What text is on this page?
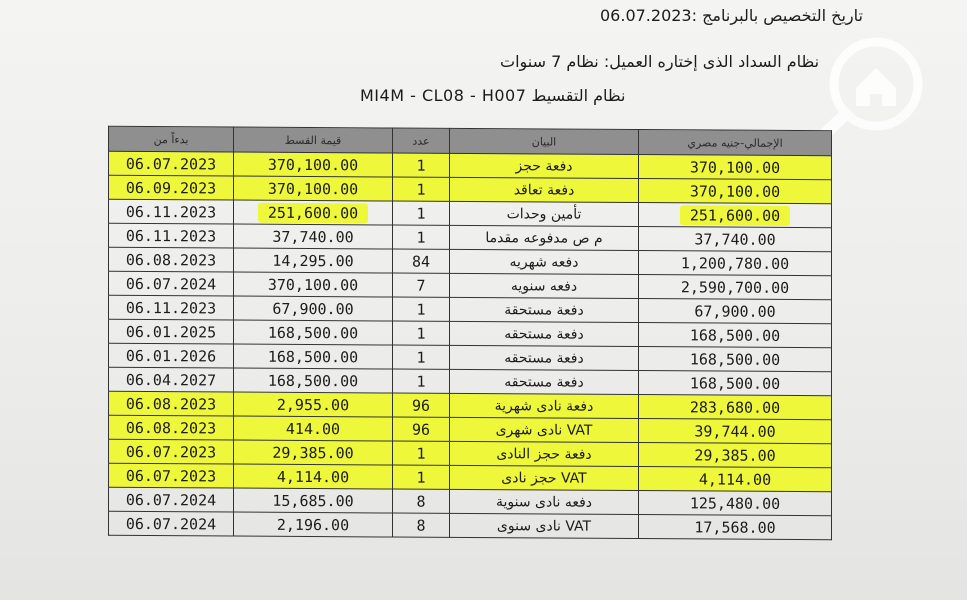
تاريخ التخصيص بالبرنامج :06.07.2023
نظام السداد الذى إختاره العميل: نظام 7 سنوات
نظام التقسيط MI4M - CL08 - H007
بدءاً من	قيمة القسط	عدد	البيان	الإجمالي-جنيه مصري
06.07.2023	370,100.00	1	دفعة حجز	370,100.00
06.09.2023	370,100.00	1	دفعة تعاقد	370,100.00
06.11.2023	251,600.00	1	تأمين وحدات	251,600.00
06.11.2023	37,740.00	1	م ص مدفوعه مقدما	37,740.00
06.08.2023	14,295.00	84	دفعه شهريه	1,200,780.00
06.07.2024	370,100.00	7	دفعه سنويه	2,590,700.00
06.11.2023	67,900.00	1	دفعة مستحقة	67,900.00
06.01.2025	168,500.00	1	دفعة مستحقه	168,500.00
06.01.2026	168,500.00	1	دفعة مستحقه	168,500.00
06.04.2027	168,500.00	1	دفعة مستحقه	168,500.00
06.08.2023	2,955.00	96	دفعة نادى شهرية	283,680.00
06.08.2023	414.00	96	VAT نادى شهرى	39,744.00
06.07.2023	29,385.00	1	دفعة حجز النادى	29,385.00
06.07.2023	4,114.00	1	VAT حجز نادى	4,114.00
06.07.2024	15,685.00	8	دفعه نادى سنوية	125,480.00
06.07.2024	2,196.00	8	VAT نادى سنوى	17,568.00
